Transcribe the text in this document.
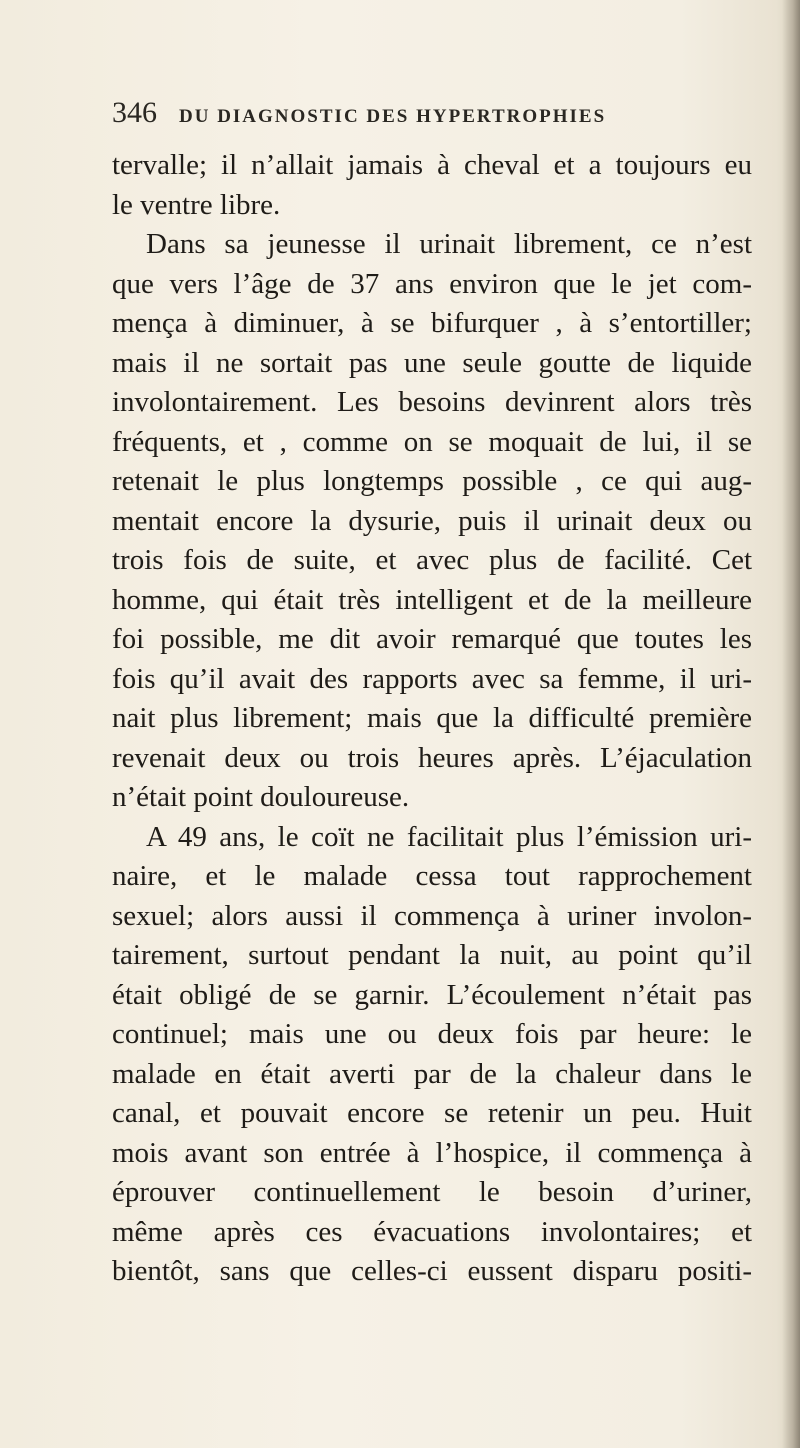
346 DU DIAGNOSTIC DES HYPERTROPHIES
tervalle; il n’allait jamais à cheval et a toujours eu
le ventre libre.
Dans sa jeunesse il urinait librement, ce n’est
que vers l’âge de 37 ans environ que le jet com-
mença à diminuer, à se bifurquer , à s’entortiller;
mais il ne sortait pas une seule goutte de liquide
involontairement. Les besoins devinrent alors très
fréquents, et , comme on se moquait de lui, il se
retenait le plus longtemps possible , ce qui aug-
mentait encore la dysurie, puis il urinait deux ou
trois fois de suite, et avec plus de facilité. Cet
homme, qui était très intelligent et de la meilleure
foi possible, me dit avoir remarqué que toutes les
fois qu’il avait des rapports avec sa femme, il uri-
nait plus librement; mais que la difficulté première
revenait deux ou trois heures après. L’éjaculation
n’était point douloureuse.
A 49 ans, le coït ne facilitait plus l’émission uri-
naire, et le malade cessa tout rapprochement
sexuel; alors aussi il commença à uriner involon-
tairement, surtout pendant la nuit, au point qu’il
était obligé de se garnir. L’écoulement n’était pas
continuel; mais une ou deux fois par heure: le
malade en était averti par de la chaleur dans le
canal, et pouvait encore se retenir un peu. Huit
mois avant son entrée à l’hospice, il commença à
éprouver continuellement le besoin d’uriner,
même après ces évacuations involontaires; et
bientôt, sans que celles-ci eussent disparu positi-
